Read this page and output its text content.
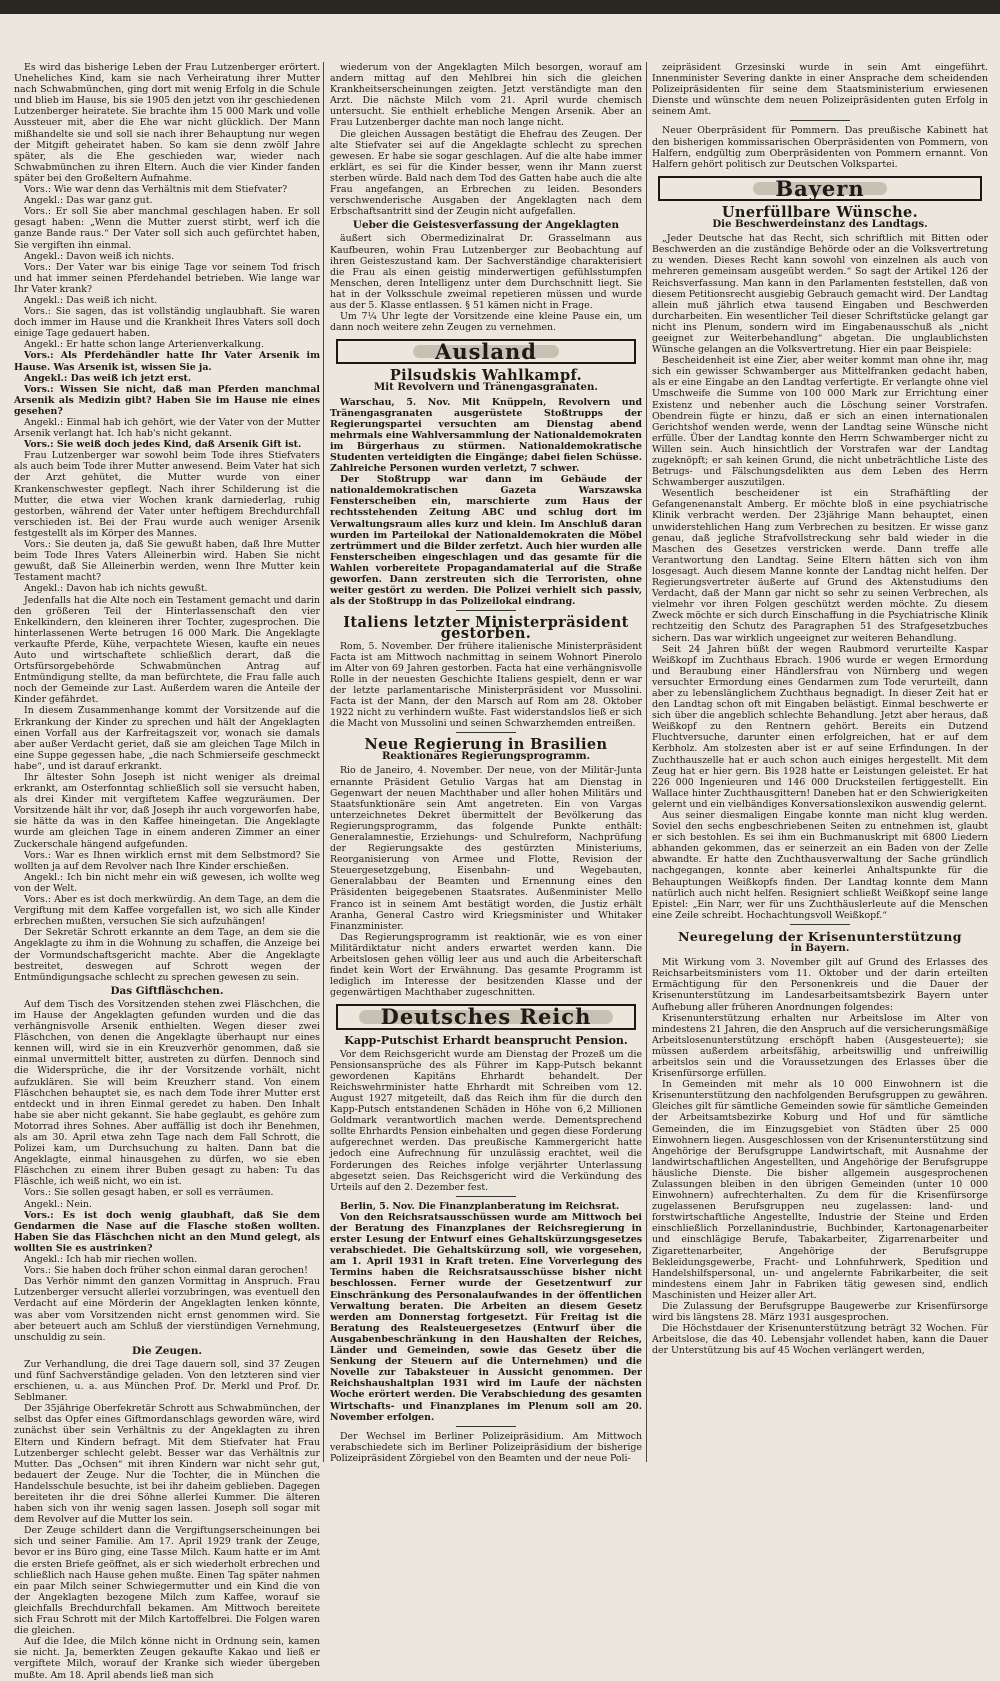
Es wird das bisherige Leben der Frau Lutzenberger erörtert. Uneheliches Kind, kam sie nach Verheiratung ihrer Mutter nach Schwabmünchen, ging dort mit wenig Erfolg in die Schule und blieb im Hause, bis sie 1905 den jetzt von ihr geschiedenen Lutzenberger heiratete. Sie brachte ihm 15 000 Mark und volle Aussteuer mit, aber die Ehe war nicht glücklich. Der Mann mißhandelte sie und soll sie nach ihrer Behauptung nur wegen der Mitgift geheiratet haben. So kam sie denn zwölf Jahre später, als die Ehe geschieden war, wieder nach Schwabmünchen zu ihren Eltern. Auch die vier Kinder fanden später bei den Großeltern Aufnahme.

Vors.: Wie war denn das Verhältnis mit dem Stiefvater?

Angekl.: Das war ganz gut.

Vors.: Er soll Sie aber manchmal geschlagen haben. Er soll gesagt haben: „Wenn die Mutter zuerst stirbt, werf ich die ganze Bande raus.“ Der Vater soll sich auch gefürchtet haben, Sie vergiften ihn einmal.

Angekl.: Davon weiß ich nichts.

Vors.: Der Vater war bis einige Tage vor seinem Tod frisch und hat immer seinen Pferdehandel betrieben. Wie lange war Ihr Vater krank?

Angekl.: Das weiß ich nicht.

Vors.: Sie sagen, das ist vollständig unglaubhaft. Sie waren doch immer im Hause und die Krankheit Ihres Vaters soll doch einige Tage gedauert haben.

Angekl.: Er hatte schon lange Arterienverkalkung.

Vors.: Als Pferdehändler hatte Ihr Vater Arsenik im Hause. Was Arsenik ist, wissen Sie ja.

Angekl.: Das weiß ich jetzt erst.

Vors.: Wissen Sie nicht, daß man Pferden manchmal Arsenik als Medizin gibt? Haben Sie im Hause nie eines gesehen?

Angekl.: Einmal hab ich gehört, wie der Vater von der Mutter Arsenik verlangt hat. Ich hab's nicht gekannt.

Vors.: Sie weiß doch jedes Kind, daß Arsenik Gift ist.

Frau Lutzenberger war sowohl beim Tode ihres Stiefvaters als auch beim Tode ihrer Mutter anwesend. Beim Vater hat sich der Arzt gehütet, die Mutter wurde von einer Krankenschwester gepflegt. Nach ihrer Schilderung ist die Mutter, die etwa vier Wochen krank darniederlag, ruhig gestorben, während der Vater unter heftigem Brechdurchfall verschieden ist. Bei der Frau wurde auch weniger Arsenik festgestellt als im Körper des Mannes.

Vors.: Sie deuten ja, daß Sie gewußt haben, daß Ihre Mutter beim Tode Ihres Vaters Alleinerbin wird. Haben Sie nicht gewußt, daß Sie Alleinerbin werden, wenn Ihre Mutter kein Testament macht?

Angekl.: Davon hab ich nichts gewußt.

Jedenfalls hat die Alte noch ein Testament gemacht und darin den größeren Teil der Hinterlassenschaft den vier Enkelkindern, den kleineren ihrer Tochter, zugesprochen. Die hinterlassenen Werte betrugen 16 000 Mark. Die Angeklagte verkaufte Pferde, Kühe, verpachtete Wiesen, kaufte ein neues Auto und wirtschaftete schließlich derart, daß die Ortsfürsorgebehörde Schwabmünchen Antrag auf Entmündigung stellte, da man befürchtete, die Frau falle auch noch der Gemeinde zur Last. Außerdem waren die Anteile der Kinder gefährdet.

In diesem Zusammenhange kommt der Vorsitzende auf die Erkrankung der Kinder zu sprechen und hält der Angeklagten einen Vorfall aus der Karfreitagszeit vor, wonach sie damals aber außer Verdacht geriet, daß sie am gleichen Tage Milch in eine Suppe gegessen habe, „die nach Schmierseife geschmeckt habe“, und ist darauf erkrankt.

Ihr ältester Sohn Joseph ist nicht weniger als dreimal erkrankt, am Osterfonntag schließlich soll sie versucht haben, als drei Kinder mit vergiftetem Kaffee wegzuräumen. Der Vorsitzende hält ihr vor, daß Joseph ihr auch vorgeworfen habe, sie hätte da was in den Kaffee hineingetan. Die Angeklagte wurde am gleichen Tage in einem anderen Zimmer an einer Zuckerschale hängend aufgefunden.

Vors.: War es Ihnen wirklich ernst mit dem Selbstmord? Sie wollten ja auf dem Revolver nach Ihre Kinder erschießen.

Angekl.: Ich bin nicht mehr ein wiß gewesen, ich wollte weg von der Welt.

Vors.: Aber es ist doch merkwürdig. An dem Tage, an dem die Vergiftung mit dem Kaffee vorgefallen ist, wo sich alle Kinder erbrechen mußten, versuchen Sie sich aufzuhängen!

Der Sekretär Schrott erkannte an dem Tage, an dem sie die Angeklagte zu ihm in die Wohnung zu schaffen, die Anzeige bei der Vormundschaftsgericht machte. Aber die Angeklagte bestreitet, deswegen auf Schrott wegen der Entmündigungsache schlecht zu sprechen gewesen zu sein.

Das Giftfläschchen.

Auf dem Tisch des Vorsitzenden stehen zwei Fläschchen, die im Hause der Angeklagten gefunden wurden und die das verhängnisvolle Arsenik enthielten. Wegen dieser zwei Fläschchen, von denen die Angeklagte überhaupt nur eines kennen will, wird sie in ein Kreuzverhör genommen, daß sie einmal unvermittelt bitter, austreten zu dürfen. Dennoch sind die Widersprüche, die ihr der Vorsitzende vorhält, nicht aufzuklären. Sie will beim Kreuzherr stand. Von einem Fläschchen behauptet sie, es nach dem Tode ihrer Mutter erst entdeckt und in ihren Einmal geredet zu haben. Den Inhalt habe sie aber nicht gekannt. Sie habe geglaubt, es gehöre zum Motorrad ihres Sohnes. Aber auffällig ist doch ihr Benehmen, als am 30. April etwa zehn Tage nach dem Fall Schrott, die Polizei kam, um Durchsuchung zu halten. Dann bat die Angeklagte, einmal hinausgehen zu dürfen, wo sie eben Fläschchen zu einem ihrer Buben gesagt zu haben: Tu das Fläschle, ich weiß nicht, wo ein ist.

Vors.: Sie sollen gesagt haben, er soll es verräumen.

Angekl.: Nein.

Vors.: Es ist doch wenig glaubhaft, daß Sie dem Gendarmen die Nase auf die Flasche stoßen wollten. Haben Sie das Fläschchen nicht an den Mund gelegt, als wollten Sie es austrinken?

Angekl.: Ich hab mir riechen wollen.

Vors.: Sie haben doch früher schon einmal daran gerochen!

Das Verhör nimmt den ganzen Vormittag in Anspruch. Frau Lutzenberger versucht allerlei vorzubringen, was eventuell den Verdacht auf eine Mörderin der Angeklagten lenken könnte, was aber vom Vorsitzenden nicht ernst genommen wird. Sie aber beteuert auch am Schluß der vierstündigen Vernehmung, unschuldig zu sein.

Die Zeugen.

Zur Verhandlung, die drei Tage dauern soll, sind 37 Zeugen und fünf Sachverständige geladen. Von den letzteren sind vier erschienen, u. a. aus München Prof. Dr. Merkl und Prof. Dr. Seblmaner.

Der 35jährige Oberfekretär Schrott aus Schwabmünchen, der selbst das Opfer eines Giftmordanschlags geworden wäre, wird zunächst über sein Verhältnis zu der Angeklagten zu ihren Eltern und Kindern befragt. Mit dem Stiefvater hat Frau Lutzenberger schlecht gelebt. Besser war das Verhältnis zur Mutter. Das „Ochsen“ mit ihren Kindern war nicht sehr gut, bedauert der Zeuge. Nur die Tochter, die in München die Handelsschule besuchte, ist bei ihr daheim geblieben. Dagegen bereiteten ihr die drei Söhne allerlei Kummer. Die älteren haben sich von ihr wenig sagen lassen. Joseph soll sogar mit dem Revolver auf die Mutter los sein.

Der Zeuge schildert dann die Vergiftungserscheinungen bei sich und seiner Familie. Am 17. April 1929 trank der Zeuge, bevor er ins Büro ging, eine Tasse Milch. Kaum hatte er im Amt die ersten Briefe geöffnet, als er sich wiederholt erbrechen und schließlich nach Hause gehen mußte. Einen Tag später nahmen ein paar Milch seiner Schwiegermutter und ein Kind die von der Angeklagten bezogene Milch zum Kaffee, worauf sie gleichfalls Brechdurchfall bekamen. Am Mittwoch bereitete sich Frau Schrott mit der Milch Kartoffelbrei. Die Folgen waren die gleichen.

Auf die Idee, die Milch könne nicht in Ordnung sein, kamen sie nicht. Ja, bemerkten Zeugen gekaufte Kakao und ließ er vergiftete Milch, worauf der Kranke sich wieder übergeben mußte. Am 18. April abends ließ man sich

wiederum von der Angeklagten Milch besorgen, worauf am andern mittag auf den Mehlbrei hin sich die gleichen Krankheitserscheinungen zeigten. Jetzt verständigte man den Arzt. Die nächste Milch vom 21. April wurde chemisch untersucht. Sie enthielt erhebliche Mengen Arsenik. Aber an Frau Lutzenberger dachte man noch lange nicht.

Die gleichen Aussagen bestätigt die Ehefrau des Zeugen. Der alte Stiefvater sei auf die Angeklagte schlecht zu sprechen gewesen. Er habe sie sogar geschlagen. Auf die alte habe immer erklärt, es sei für die Kinder besser, wenn ihr Mann zuerst sterben würde. Bald nach dem Tod des Gatten habe auch die alte Frau angefangen, an Erbrechen zu leiden. Besonders verschwenderische Ausgaben der Angeklagten nach dem Erbschaftsantritt sind der Zeugin nicht aufgefallen.

Ueber die Geistesverfassung der Angeklagten

äußert sich Obermedizinalrat Dr. Grasselmann aus Kaufbeuren, wohin Frau Lutzenberger zur Beobachtung auf ihren Geisteszustand kam. Der Sachverständige charakterisiert die Frau als einen geistig minderwertigen gefühlsstumpfen Menschen, deren Intelligenz unter dem Durchschnitt liegt. Sie hat in der Volksschule zweimal repetieren müssen und wurde aus der 5. Klasse entlassen. § 51 kämen nicht in Frage.

Um 7¼ Uhr legte der Vorsitzende eine kleine Pause ein, um dann noch weitere zehn Zeugen zu vernehmen.

Ausland
Pilsudskis Wahlkampf.
Mit Revolvern und Tränengasgranaten.

Warschau, 5. Nov. Mit Knüppeln, Revolvern und Tränengasgranaten ausgerüstete Stoßtrupps der Regierungspartei versuchten am Dienstag abend mehrmals eine Wahlversammlung der Nationaldemokraten im Bürgerhaus zu stürmen. Nationaldemokratische Studenten verteidigten die Eingänge; dabei fielen Schüsse. Zahlreiche Personen wurden verletzt, 7 schwer.

Der Stoßtrupp war dann im Gebäude der nationaldemokratischen Gazeta Warszawska Fensterscheiben ein, marschierte zum Haus der rechtsstehenden Zeitung ABC und schlug dort im Verwaltungsraum alles kurz und klein. Im Anschluß daran wurden im Parteilokal der Nationaldemokraten die Möbel zertrümmert und die Bilder zerfetzt. Auch hier wurden alle Fensterscheiben eingeschlagen und das gesamte für die Wahlen vorbereitete Propagandamaterial auf die Straße geworfen. Dann zerstreuten sich die Terroristen, ohne weiter gestört zu werden. Die Polizei verhielt sich passiv, als der Stoßtrupp in das Polizeilokal eindrang.

Italiens letzter Ministerpräsident gestorben.

Rom, 5. November. Der frühere italienische Ministerpräsident Facta ist am Mittwoch nachmittag in seinem Wohnort Pinerolo im Alter von 69 Jahren gestorben. Facta hat eine verhängnisvolle Rolle in der neuesten Geschichte Italiens gespielt, denn er war der letzte parlamentarische Ministerpräsident vor Mussolini. Facta ist der Mann, der den Marsch auf Rom am 28. Oktober 1922 nicht zu verhindern wußte. Fast widerstandslos ließ er sich die Macht von Mussolini und seinen Schwarzhemden entreißen.

Neue Regierung in Brasilien
Reaktionäres Regierungsprogramm.

Rio de Janeiro, 4. November. Der neue, von der Militär-Junta ernannte Präsident Getulio Vargas hat am Dienstag in Gegenwart der neuen Machthaber und aller hohen Militärs und Staatsfunktionäre sein Amt angetreten. Ein von Vargas unterzeichnetes Dekret übermittelt der Bevölkerung das Regierungsprogramm, das folgende Punkte enthält: Generalamnestie, Erziehungs- und Schulreform, Nachprüfung der Regierungsakte des gestürzten Ministeriums, Reorganisierung von Armee und Flotte, Revision der Steuergesetzgebung, Eisenbahn- und Wegebauten, Generalabbau der Beamten und Ernennung eines den Präsidenten beigegebenen Staatsrates. Außenminister Mello Franco ist in seinem Amt bestätigt worden, die Justiz erhält Aranha, General Castro wird Kriegsminister und Whitaker Finanzminister.

Das Regierungsprogramm ist reaktionär, wie es von einer Militärdiktatur nicht anders erwartet werden kann. Die Arbeitslosen gehen völlig leer aus und auch die Arbeiterschaft findet kein Wort der Erwähnung. Das gesamte Programm ist lediglich im Interesse der besitzenden Klasse und der gegenwärtigen Machthaber zugeschnitten.

Deutsches Reich
Kapp-Putschist Erhardt beansprucht Pension.

Vor dem Reichsgericht wurde am Dienstag der Prozeß um die Pensionsansprüche des als Führer im Kapp-Putsch bekannt gewordenen Kapitäns Ehrhardt behandelt. Der Reichswehrminister hatte Ehrhardt mit Schreiben vom 12. August 1927 mitgeteilt, daß das Reich ihm für die durch den Kapp-Putsch entstandenen Schäden in Höhe von 6,2 Millionen Goldmark verantwortlich machen werde. Dementsprechend sollte Ehrhardts Pension einbehalten und gegen diese Forderung aufgerechnet werden. Das preußische Kammergericht hatte jedoch eine Aufrechnung für unzulässig erachtet, weil die Forderungen des Reiches infolge verjährter Unterlassung abgesetzt seien. Das Reichsgericht wird die Verkündung des Urteils auf den 2. Dezember fest.

Berlin, 5. Nov. Die Finanzplanberatung im Reichsrat.

Von den Reichsratsausschüssen wurde am Mittwoch bei der Beratung des Finanzplanes der Reichsregierung in erster Lesung der Entwurf eines Gehaltskürzungsgesetzes verabschiedet. Die Gehaltskürzung soll, wie vorgesehen, am 1. April 1931 in Kraft treten. Eine Vorverlegung des Termins haben die Reichsratsausschüsse bisher nicht beschlossen. Ferner wurde der Gesetzentwurf zur Einschränkung des Personalaufwandes in der öffentlichen Verwaltung beraten. Die Arbeiten an diesem Gesetz werden am Donnerstag fortgesetzt. Für Freitag ist die Beratung des Realsteuergesetzes (Entwurf über die Ausgabenbeschränkung in den Haushalten der Reiches, Länder und Gemeinden, sowie das Gesetz über die Senkung der Steuern auf die Unternehmen) und die Novelle zur Tabaksteuer in Aussicht genommen. Der Reichshaushaltplan 1931 wird im Laufe der nächsten Woche erörtert werden. Die Verabschiedung des gesamten Wirtschafts- und Finanzplanes im Plenum soll am 20. November erfolgen.

Der Wechsel im Berliner Polizeipräsidium. Am Mittwoch verabschiedete sich im Berliner Polizeipräsidium der bisherige Polizeipräsident Zörgiebel von den Beamten und der neue Poli-

zeipräsident Grzesinski wurde in sein Amt eingeführt. Innenminister Severing dankte in einer Ansprache dem scheidenden Polizeipräsidenten für seine dem Staatsministerium erwiesenen Dienste und wünschte dem neuen Polizeipräsidenten guten Erfolg in seinem Amt.

Neuer Oberpräsident für Pommern. Das preußische Kabinett hat den bisherigen kommissarischen Oberpräsidenten von Pommern, von Halfern, endgültig zum Oberpräsidenten von Pommern ernannt. Von Halfern gehört politisch zur Deutschen Volkspartei.

Bayern
Unerfüllbare Wünsche.
Die Beschwerdeinstanz des Landtags.

„Jeder Deutsche hat das Recht, sich schriftlich mit Bitten oder Beschwerden an die zuständige Behörde oder an die Volksvertretung zu wenden. Dieses Recht kann sowohl von einzelnen als auch von mehreren gemeinsam ausgeübt werden.“ So sagt der Artikel 126 der Reichsverfassung. Man kann in den Parlamenten feststellen, daß von diesem Petitionsrecht ausgiebig Gebrauch gemacht wird. Der Landtag allein muß jährlich etwa tausend Eingaben und Beschwerden durcharbeiten. Ein wesentlicher Teil dieser Schriftstücke gelangt gar nicht ins Plenum, sondern wird im Eingabenausschuß als „nicht geeignet zur Weiterbehandlung“ abgetan. Die unglaublichsten Wünsche gelangen an die Volksvertretung. Hier ein paar Beispiele:

Bescheidenheit ist eine Zier, aber weiter kommt man ohne ihr, mag sich ein gewisser Schwamberger aus Mittelfranken gedacht haben, als er eine Eingabe an den Landtag verfertigte. Er verlangte ohne viel Umschweife die Summe von 100 000 Mark zur Errichtung einer Existenz und nebenher auch die Löschung seiner Vorstrafen. Obendrein fügte er hinzu, daß er sich an einen internationalen Gerichtshof wenden werde, wenn der Landtag seine Wünsche nicht erfülle. Über der Landtag konnte den Herrn Schwamberger nicht zu Willen sein. Auch hinsichtlich der Vorstrafen war der Landtag zugeknöpft; er sah keinen Grund, die nicht unbeträchtliche Liste des Betrugs- und Fälschungsdelikten aus dem Leben des Herrn Schwamberger auszutilgen.

Wesentlich bescheidener ist ein Strafhäftling der Gefangenenanstalt Amberg. Er möchte bloß in eine psychiatrische Klinik verbracht werden. Der 23jährige Mann behauptet, einen unwiderstehlichen Hang zum Verbrechen zu besitzen. Er wisse ganz genau, daß jegliche Strafvollstreckung sehr bald wieder in die Maschen des Gesetzes verstricken werde. Dann treffe alle Verantwortung den Landtag. Seine Eltern hätten sich von ihm losgesagt. Auch diesem Manne konnte der Landtag nicht helfen. Der Regierungsvertreter äußerte auf Grund des Aktenstudiums den Verdacht, daß der Mann gar nicht so sehr zu seinen Verbrechen, als vielmehr vor ihren Folgen geschützt werden möchte. Zu diesem Zweck möchte er sich durch Einschaffung in die Psychiatrische Klinik rechtzeitig den Schutz des Paragraphen 51 des Strafgesetzbuches sichern. Das war wirklich ungeeignet zur weiteren Behandlung.

Seit 24 Jahren büßt der wegen Raubmord verurteilte Kaspar Weißkopf im Zuchthaus Ebrach. 1906 wurde er wegen Ermordung und Beraubung einer Händlersfrau von Nürnberg und wegen versuchter Ermordung eines Gendarmen zum Tode verurteilt, dann aber zu lebenslänglichem Zuchthaus begnadigt. In dieser Zeit hat er den Landtag schon oft mit Eingaben belästigt. Einmal beschwerte er sich über die angeblich schlechte Behandlung. Jetzt aber heraus, daß Weißkopf zu den Rentnern gehört. Bereits ein Dutzend Fluchtversuche, darunter einen erfolgreichen, hat er auf dem Kerbholz. Am stolzesten aber ist er auf seine Erfindungen. In der Zuchthauszelle hat er auch schon auch einiges hergestellt. Mit dem Zeug hat er hier gern. Bis 1928 hatte er Leistungen geleistet. Er hat 226 000 Ingenieuren und 146 000 Drucksteilen fertiggestellt. Ein Wallace hinter Zuchthausgittern! Daneben hat er den Schwierigkeiten gelernt und ein vielbändiges Konversationslexikon auswendig gelernt.

Aus seiner diesmaligen Eingabe konnte man nicht klug werden. Soviel den sechs engbeschriebenen Seiten zu entnehmen ist, glaubt er sich bestohlen. Es sei ihm ein Buchmanuskript mit 6800 Liedern abhanden gekommen, das er seinerzeit an ein Baden von der Zelle abwandte. Er hatte den Zuchthausverwaltung der Sache gründlich nachgegangen, konnte aber keinerlei Anhaltspunkte für die Behauptungen Weißkopfs finden. Der Landtag konnte dem Mann natürlich auch nicht helfen. Resigniert schließt Weißkopf seine lange Epistel: „Ein Narr, wer für uns Zuchthäuslerleute auf die Menschen eine Zeile schreibt. Hochachtungsvoll Weißkopf.“

Neuregelung der Krisenunterstützung
in Bayern.

Mit Wirkung vom 3. November gilt auf Grund des Erlasses des Reichsarbeitsministers vom 11. Oktober und der darin erteilten Ermächtigung für den Personenkreis und die Dauer der Krisenunterstützung im Landesarbeitsamtsbezirk Bayern unter Aufhebung aller früheren Anordnungen folgendes:

Krisenunterstützung erhalten nur Arbeitslose im Alter von mindestens 21 Jahren, die den Anspruch auf die versicherungsmäßige Arbeitslosenunterstützung erschöpft haben (Ausgesteuerte); sie müssen außerdem arbeitsfähig, arbeitswillig und unfreiwillig arbeitslos sein und die Voraussetzungen des Erlasses über die Krisenfürsorge erfüllen.

In Gemeinden mit mehr als 10 000 Einwohnern ist die Krisenunterstützung den nachfolgenden Berufsgruppen zu gewähren. Gleiches gilt für sämtliche Gemeinden sowie für sämtliche Gemeinden der Arbeitsamtsbezirke Koburg und Hof und für sämtliche Gemeinden, die im Einzugsgebiet von Städten über 25 000 Einwohnern liegen. Ausgeschlossen von der Krisenunterstützung sind Angehörige der Berufsgruppe Landwirtschaft, mit Ausnahme der landwirtschaftlichen Angestellten, und Angehörige der Berufsgruppe häusliche Dienste. Die bisher allgemein ausgesprochenen Zulassungen bleiben in den übrigen Gemeinden (unter 10 000 Einwohnern) aufrechterhalten. Zu dem für die Krisenfürsorge zugelassenen Berufsgruppen neu zugelassen: land- und forstwirtschaftliche Angestellte, Industrie der Steine und Erden einschließlich Porzellanindustrie, Buchbinder, Kartonagenarbeiter und einschlägige Berufe, Tabakarbeiter, Zigarrenarbeiter und Zigarettenarbeiter, Angehörige der Berufsgruppe Bekleidungsgewerbe, Fracht- und Lohnfuhrwerk, Spedition und Handelshilfspersonal, un- und angelernte Fabrikarbeiter, die seit mindestens einem Jahr in Fabriken tätig gewesen sind, endlich Maschinisten und Heizer aller Art.

Die Zulassung der Berufsgruppe Baugewerbe zur Krisenfürsorge wird bis längstens 28. März 1931 ausgesprochen.

Die Höchstdauer der Krisenunterstützung beträgt 32 Wochen. Für Arbeitslose, die das 40. Lebensjahr vollendet haben, kann die Dauer der Unterstützung bis auf 45 Wochen verlängert werden,
